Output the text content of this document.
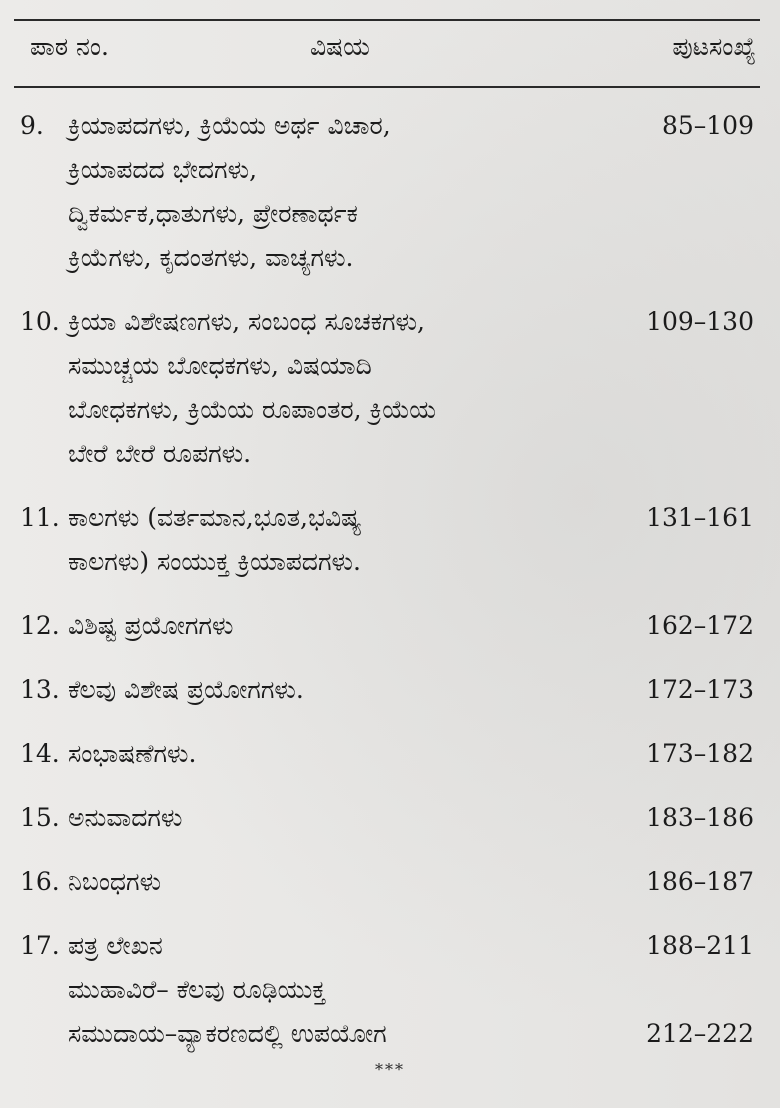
ಪಾಠ ನಂ.	ವಿಷಯ	ಪುಟಸಂಖ್ಯೆ
9. ಕ್ರಿಯಾಪದಗಳು, ಕ್ರಿಯೆಯ ಅರ್ಥ ವಿಚಾರ,	85–109
ಕ್ರಿಯಾಪದದ ಭೇದಗಳು,
ದ್ವಿಕರ್ಮಕ,ಧಾತುಗಳು, ಪ್ರೇರಣಾರ್ಥಕ
ಕ್ರಿಯೆಗಳು, ಕೃದಂತಗಳು, ವಾಚ್ಯಗಳು.
10. ಕ್ರಿಯಾ ವಿಶೇಷಣಗಳು, ಸಂಬಂಧ ಸೂಚಕಗಳು,	109–130
ಸಮುಚ್ಚಯ ಬೋಧಕಗಳು, ವಿಷಯಾದಿ
ಬೋಧಕಗಳು, ಕ್ರಿಯೆಯ ರೂಪಾಂತರ, ಕ್ರಿಯೆಯ
ಬೇರೆ ಬೇರೆ ರೂಪಗಳು.
11. ಕಾಲಗಳು (ವರ್ತಮಾನ,ಭೂತ,ಭವಿಷ್ಯ	131–161
ಕಾಲಗಳು) ಸಂಯುಕ್ತ ಕ್ರಿಯಾಪದಗಳು.
12. ವಿಶಿಷ್ಟ ಪ್ರಯೋಗಗಳು	162–172
13. ಕೆಲವು ವಿಶೇಷ ಪ್ರಯೋಗಗಳು.	172–173
14. ಸಂಭಾಷಣೆಗಳು.	173–182
15. ಅನುವಾದಗಳು	183–186
16. ನಿಬಂಧಗಳು	186–187
17. ಪತ್ರ ಲೇಖನ	188–211
ಮುಹಾವಿರೆ– ಕೆಲವು ರೂಢಿಯುಕ್ತ
ಸಮುದಾಯ–ವ್ಯಾಕರಣದಲ್ಲಿ ಉಪಯೋಗ	212–222
***
